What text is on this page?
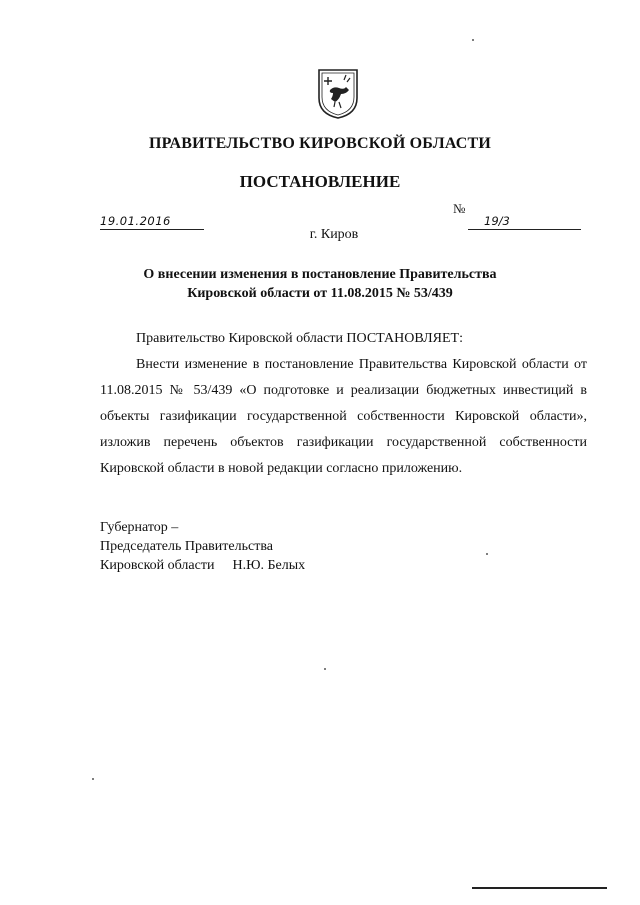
ПРАВИТЕЛЬСТВО КИРОВСКОЙ ОБЛАСТИ
ПОСТАНОВЛЕНИЕ
19.01.2016
№
19/3
г. Киров
О внесении изменения в постановление Правительства
Кировской области от 11.08.2015 № 53/439

Правительство Кировской области ПОСТАНОВЛЯЕТ:

Внести изменение в постановление Правительства Кировской области от 11.08.2015 № 53/439 «О подготовке и реализации бюджетных инвестиций в объекты газификации государственной собственности Кировской области», изложив перечень объектов газификации государственной собственности Кировской области в новой редакции согласно приложению.

Губернатор –
Председатель Правительства
Кировской области Н.Ю. Белых
